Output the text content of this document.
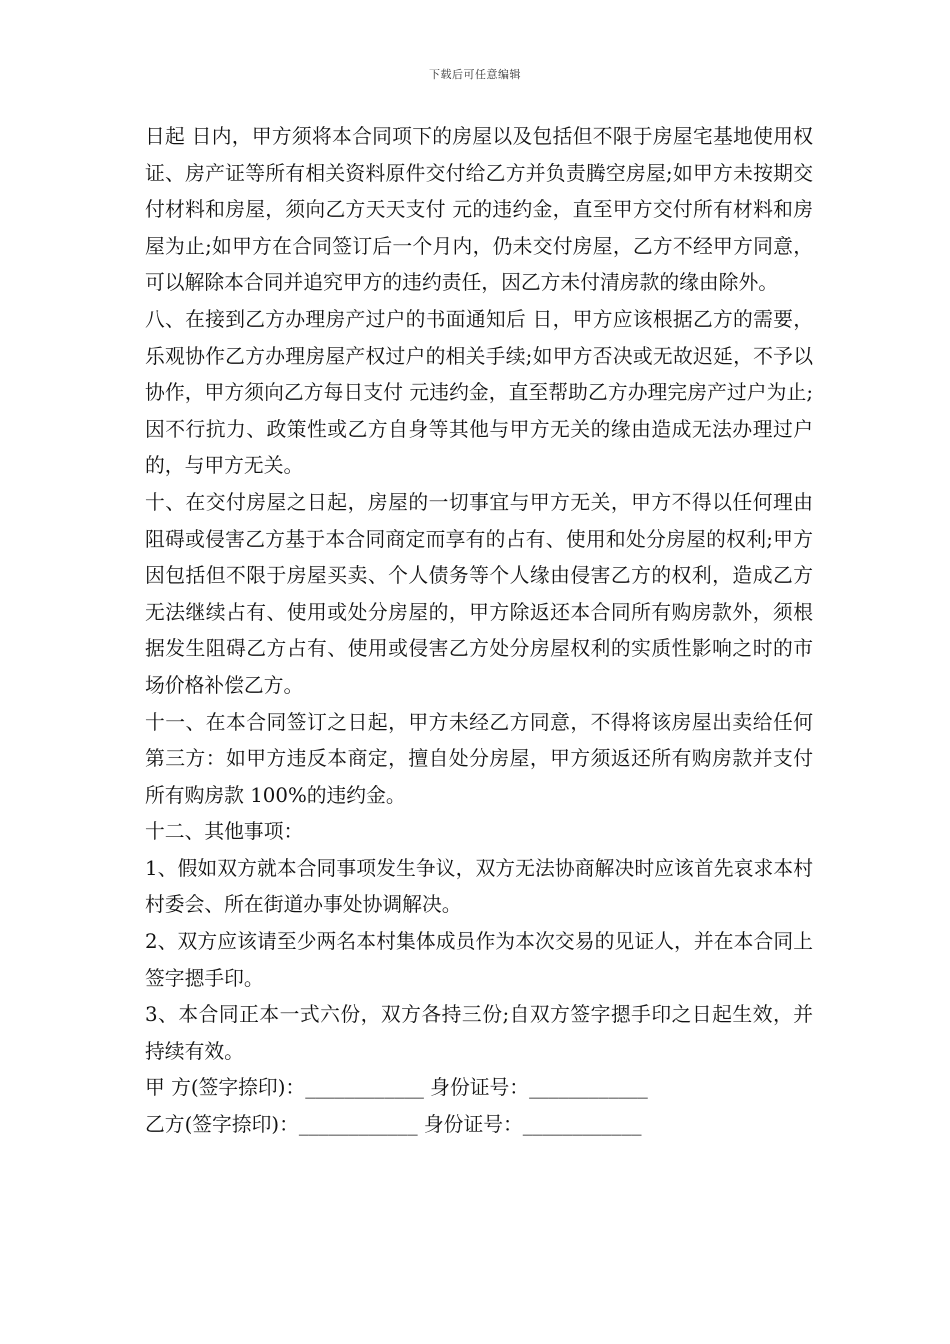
下载后可任意编辑

日起 日内，甲方须将本合同项下的房屋以及包括但不限于房屋宅基地使用权证、房产证等所有相关资料原件交付给乙方并负责腾空房屋;如甲方未按期交付材料和房屋，须向乙方天天支付 元的违约金，直至甲方交付所有材料和房屋为止;如甲方在合同签订后一个月内，仍未交付房屋，乙方不经甲方同意，可以解除本合同并追究甲方的违约责任，因乙方未付清房款的缘由除外。

八、在接到乙方办理房产过户的书面通知后 日，甲方应该根据乙方的需要，乐观协作乙方办理房屋产权过户的相关手续;如甲方否决或无故迟延，不予以协作，甲方须向乙方每日支付 元违约金，直至帮助乙方办理完房产过户为止;因不行抗力、政策性或乙方自身等其他与甲方无关的缘由造成无法办理过户的，与甲方无关。

十、在交付房屋之日起，房屋的一切事宜与甲方无关，甲方不得以任何理由阻碍或侵害乙方基于本合同商定而享有的占有、使用和处分房屋的权利;甲方因包括但不限于房屋买卖、个人债务等个人缘由侵害乙方的权利，造成乙方无法继续占有、使用或处分房屋的，甲方除返还本合同所有购房款外，须根据发生阻碍乙方占有、使用或侵害乙方处分房屋权利的实质性影响之时的市场价格补偿乙方。

十一、在本合同签订之日起，甲方未经乙方同意，不得将该房屋出卖给任何第三方：如甲方违反本商定，擅自处分房屋，甲方须返还所有购房款并支付所有购房款 100%的违约金。

十二、其他事项：

1、假如双方就本合同事项发生争议，双方无法协商解决时应该首先哀求本村村委会、所在街道办事处协调解决。

2、双方应该请至少两名本村集体成员作为本次交易的见证人，并在本合同上签字摁手印。

3、本合同正本一式六份，双方各持三份;自双方签字摁手印之日起生效，并持续有效。

甲 方(签字捺印)：____________ 身份证号：____________

乙方(签字捺印)：____________ 身份证号：____________
